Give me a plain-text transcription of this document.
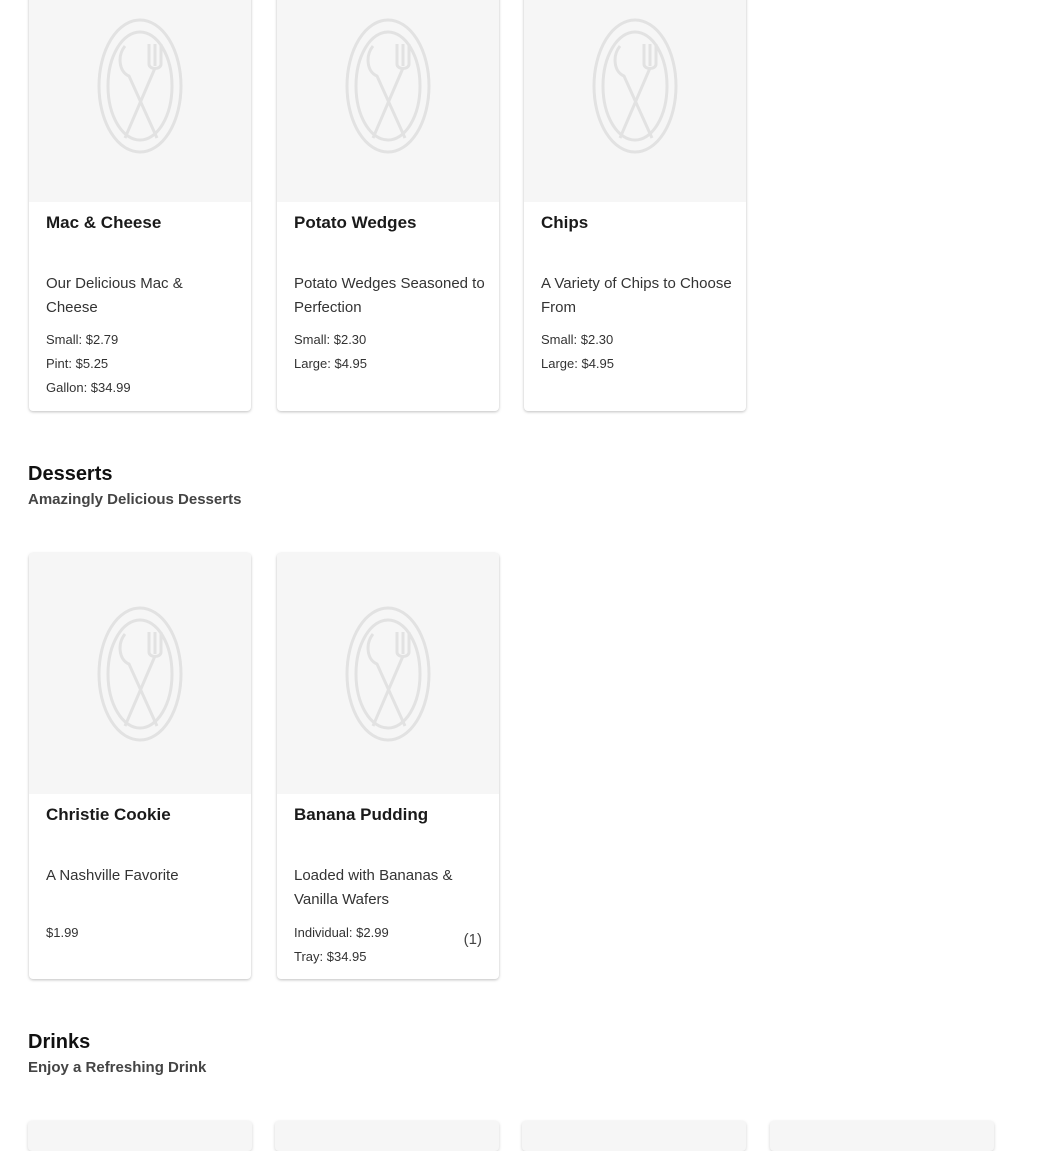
Mac & Cheese
Our Delicious Mac & Cheese
Small: $2.79
Pint: $5.25
Gallon: $34.99
Potato Wedges
Potato Wedges Seasoned to Perfection
Small: $2.30
Large: $4.95
Chips
A Variety of Chips to Choose From
Small: $2.30
Large: $4.95
Desserts
Amazingly Delicious Desserts
Christie Cookie
A Nashville Favorite
$1.99
Banana Pudding
Loaded with Bananas & Vanilla Wafers
Individual: $2.99
Tray: $34.95
(1)
Drinks
Enjoy a Refreshing Drink
